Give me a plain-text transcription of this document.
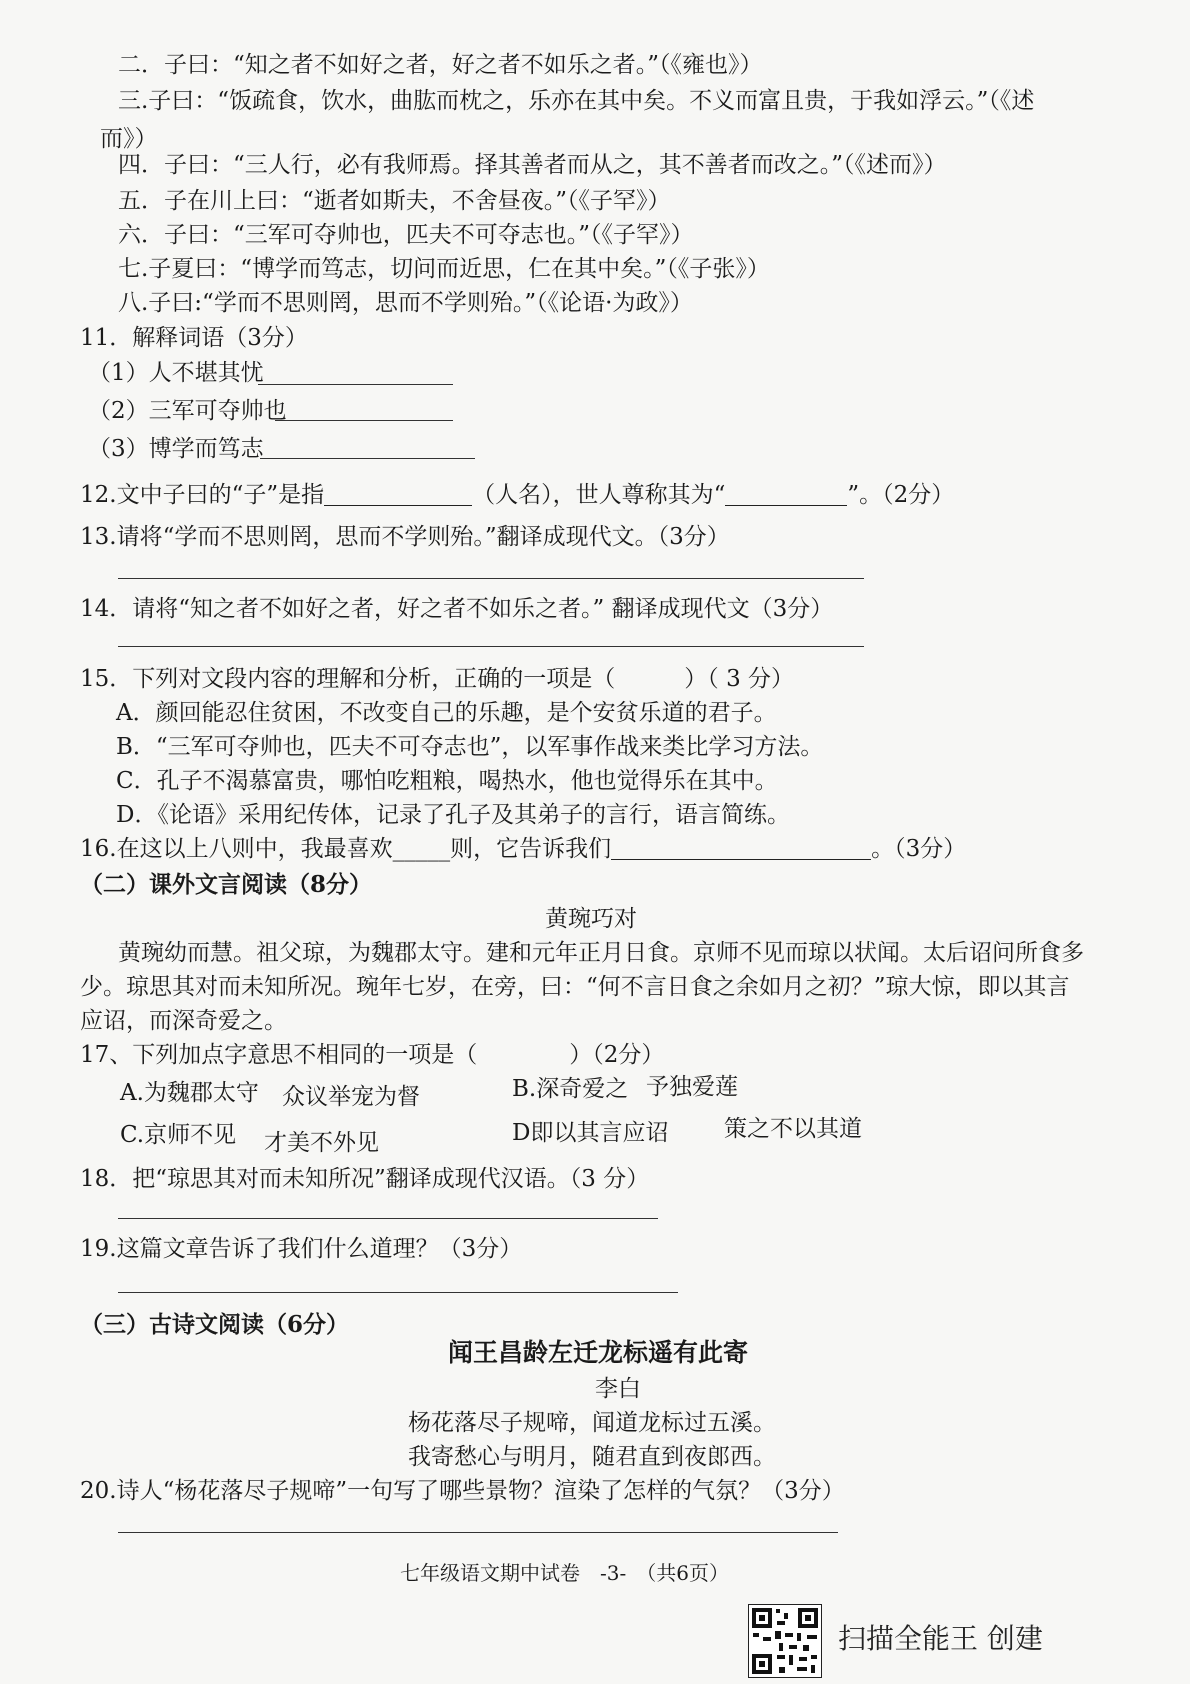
二．子曰：“知之者不如好之者，好之者不如乐之者。”（《雍也》）
三.子曰：“饭疏食，饮水，曲肱而枕之，乐亦在其中矣。不义而富且贵，于我如浮云。”（《述
而》）
四．子曰：“三人行，必有我师焉。择其善者而从之，其不善者而改之。”（《述而》）
五．子在川上曰：“逝者如斯夫，不舍昼夜。”（《子罕》）
六．子曰：“三军可夺帅也，匹夫不可夺志也。”（《子罕》）
七.子夏曰：“博学而笃志，切问而近思，仁在其中矣。”（《子张》）
八.子曰:“学而不思则罔，思而不学则殆。”（《论语·为政》）
11．解释词语（3分）
（1）人不堪其忧
（2）三军可夺帅也
（3）博学而笃志
12.文中子曰的“子”是指	（人名），世人尊称其为“	”。（2分）
13.请将“学而不思则罔，思而不学则殆。”翻译成现代文。（3分）
14．请将“知之者不如好之者，好之者不如乐之者。” 翻译成现代文（3分）
15．下列对文段内容的理解和分析，正确的一项是（　　　）（ 3 分）
A．颜回能忍住贫困，不改变自己的乐趣，是个安贫乐道的君子。
B．“三军可夺帅也，匹夫不可夺志也”，以军事作战来类比学习方法。
C．孔子不渴慕富贵，哪怕吃粗粮，喝热水，他也觉得乐在其中。
D．《论语》采用纪传体，记录了孔子及其弟子的言行，语言简练。
16.在这以上八则中，我最喜欢_____则，它告诉我们	。（3分）
（二）课外文言阅读（8分）
黄琬巧对
黄琬幼而慧。祖父琼，为魏郡太守。建和元年正月日食。京师不见而琼以状闻。太后诏问所食多
少。琼思其对而未知所况。琬年七岁，在旁，曰：“何不言日食之余如月之初？”琼大惊，即以其言
应诏，而深奇爱之。
17、下列加点字意思不相同的一项是（　　　　）（2分）
A.为魏郡太守 众议举宠为督	B.深奇爱之 予独爱莲
C.京师不见 才美不外见	D即以其言应诏 策之不以其道
18．把“琼思其对而未知所况”翻译成现代汉语。（3 分）
19.这篇文章告诉了我们什么道理？（3分）
（三）古诗文阅读（6分）
闻王昌龄左迁龙标遥有此寄
李白
杨花落尽子规啼，闻道龙标过五溪。
我寄愁心与明月，随君直到夜郎西。
20.诗人“杨花落尽子规啼”一句写了哪些景物？渲染了怎样的气氛？（3分）
七年级语文期中试卷　-3-　（共6页）
扫描全能王 创建
